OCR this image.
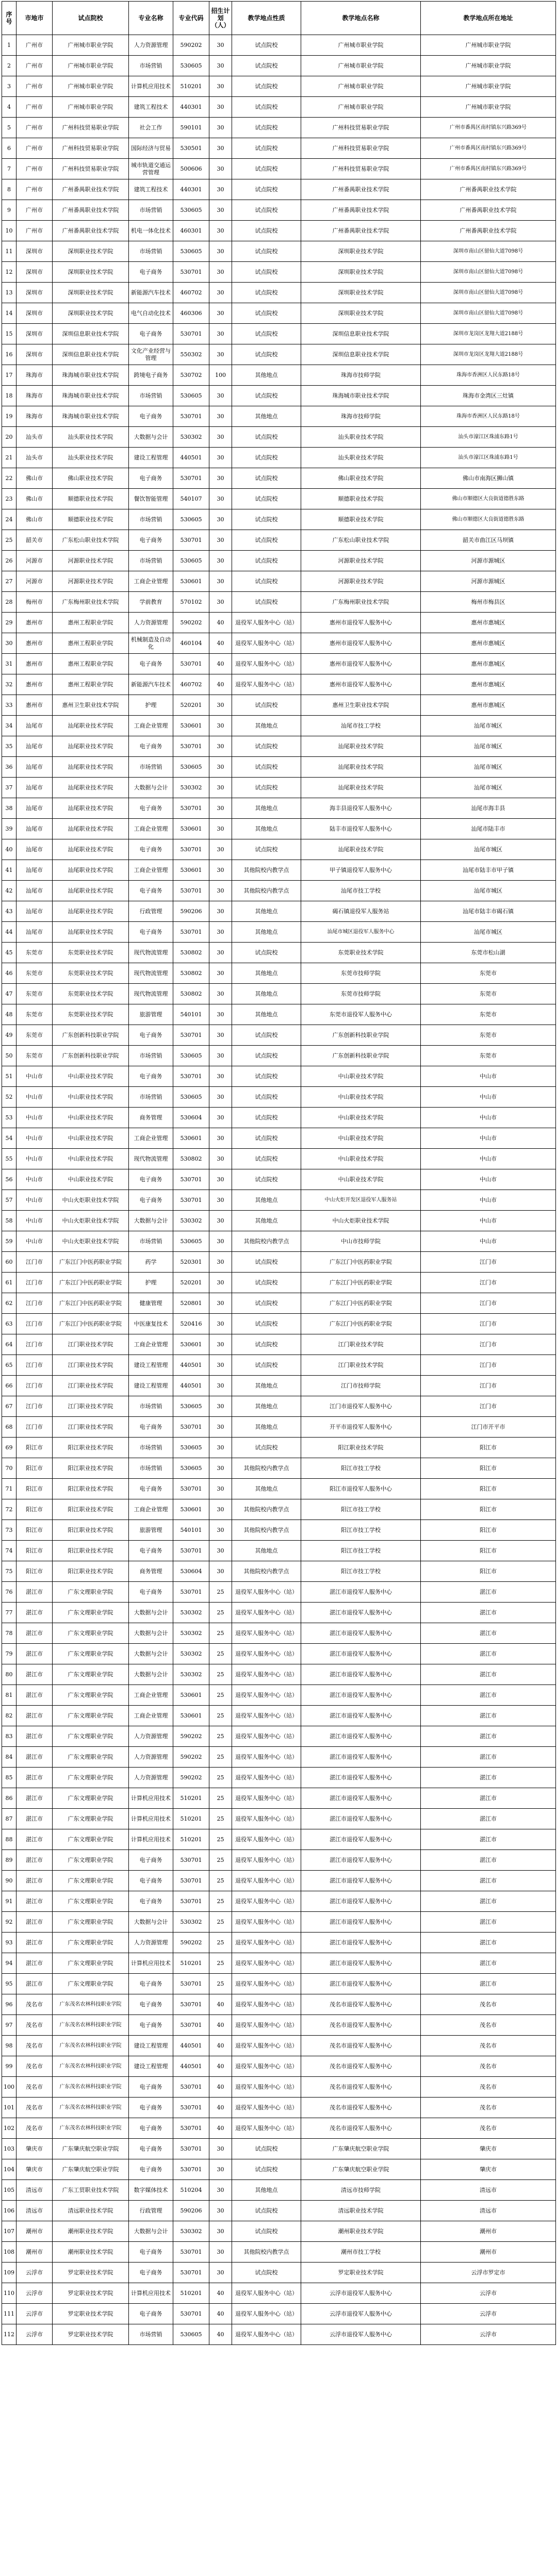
序号	市地市	试点院校	专业名称	专业代码	招生计划（人）	教学地点性质	教学地点名称	教学地点所在地址
1	广州市	广州城市职业学院	人力资源管理	590202	30	试点院校	广州城市职业学院	广州城市职业学院
2	广州市	广州城市职业学院	市场营销	530605	30	试点院校	广州城市职业学院	广州城市职业学院
3	广州市	广州城市职业学院	计算机应用技术	510201	30	试点院校	广州城市职业学院	广州城市职业学院
4	广州市	广州城市职业学院	建筑工程技术	440301	30	试点院校	广州城市职业学院	广州城市职业学院
5	广州市	广州科技贸易职业学院	社会工作	590101	30	试点院校	广州科技贸易职业学院	广州市番禺区南村镇东兴路369号
6	广州市	广州科技贸易职业学院	国际经济与贸易	530501	30	试点院校	广州科技贸易职业学院	广州市番禺区南村镇东兴路369号
7	广州市	广州科技贸易职业学院	城市轨道交通运营管理	500606	30	试点院校	广州科技贸易职业学院	广州市番禺区南村镇东兴路369号
8	广州市	广州番禺职业技术学院	建筑工程技术	440301	30	试点院校	广州番禺职业技术学院	广州番禺职业技术学院
9	广州市	广州番禺职业技术学院	市场营销	530605	30	试点院校	广州番禺职业技术学院	广州番禺职业技术学院
10	广州市	广州番禺职业技术学院	机电一体化技术	460301	30	试点院校	广州番禺职业技术学院	广州番禺职业技术学院
11	深圳市	深圳职业技术学院	市场营销	530605	30	试点院校	深圳职业技术学院	深圳市南山区留仙大道7098号
12	深圳市	深圳职业技术学院	电子商务	530701	30	试点院校	深圳职业技术学院	深圳市南山区留仙大道7098号
13	深圳市	深圳职业技术学院	新能源汽车技术	460702	30	试点院校	深圳职业技术学院	深圳市南山区留仙大道7098号
14	深圳市	深圳职业技术学院	电气自动化技术	460306	30	试点院校	深圳职业技术学院	深圳市南山区留仙大道7098号
15	深圳市	深圳信息职业技术学院	电子商务	530701	30	试点院校	深圳信息职业技术学院	深圳市龙岗区龙翔大道2188号
16	深圳市	深圳信息职业技术学院	文化产业经营与管理	550302	30	试点院校	深圳信息职业技术学院	深圳市龙岗区龙翔大道2188号
17	珠海市	珠海城市职业技术学院	跨境电子商务	530702	100	其他地点	珠海市技师学院	珠海市香洲区人民东路18号
18	珠海市	珠海城市职业技术学院	市场营销	530605	30	试点院校	珠海城市职业技术学院	珠海市金湾区三灶镇
19	珠海市	珠海城市职业技术学院	电子商务	530701	30	其他地点	珠海市技师学院	珠海市香洲区人民东路18号
20	汕头市	汕头职业技术学院	大数据与会计	530302	30	试点院校	汕头职业技术学院	汕头市濠江区珠浦东路1号
21	汕头市	汕头职业技术学院	建设工程管理	440501	30	试点院校	汕头职业技术学院	汕头市濠江区珠浦东路1号
22	佛山市	佛山职业技术学院	电子商务	530701	30	试点院校	佛山职业技术学院	佛山市南海区狮山镇
23	佛山市	顺德职业技术学院	餐饮智能管理	540107	30	试点院校	顺德职业技术学院	佛山市顺德区大良街道德胜东路
24	佛山市	顺德职业技术学院	市场营销	530605	30	试点院校	顺德职业技术学院	佛山市顺德区大良街道德胜东路
25	韶关市	广东松山职业技术学院	电子商务	530701	30	试点院校	广东松山职业技术学院	韶关市曲江区马坝镇
26	河源市	河源职业技术学院	市场营销	530605	30	试点院校	河源职业技术学院	河源市源城区
27	河源市	河源职业技术学院	工商企业管理	530601	30	试点院校	河源职业技术学院	河源市源城区
28	梅州市	广东梅州职业技术学院	学前教育	570102	30	试点院校	广东梅州职业技术学院	梅州市梅县区
29	惠州市	惠州工程职业学院	人力资源管理	590202	40	退役军人服务中心（站）	惠州市退役军人服务中心	惠州市惠城区
30	惠州市	惠州工程职业学院	机械制造及自动化	460104	40	退役军人服务中心（站）	惠州市退役军人服务中心	惠州市惠城区
31	惠州市	惠州工程职业学院	电子商务	530701	40	退役军人服务中心（站）	惠州市退役军人服务中心	惠州市惠城区
32	惠州市	惠州工程职业学院	新能源汽车技术	460702	40	退役军人服务中心（站）	惠州市退役军人服务中心	惠州市惠城区
33	惠州市	惠州卫生职业技术学院	护理	520201	30	试点院校	惠州卫生职业技术学院	惠州市惠城区
34	汕尾市	汕尾职业技术学院	工商企业管理	530601	30	其他地点	汕尾市技工学校	汕尾市城区
35	汕尾市	汕尾职业技术学院	电子商务	530701	30	试点院校	汕尾职业技术学院	汕尾市城区
36	汕尾市	汕尾职业技术学院	市场营销	530605	30	试点院校	汕尾职业技术学院	汕尾市城区
37	汕尾市	汕尾职业技术学院	大数据与会计	530302	30	试点院校	汕尾职业技术学院	汕尾市城区
38	汕尾市	汕尾职业技术学院	电子商务	530701	30	其他地点	海丰县退役军人服务中心	汕尾市海丰县
39	汕尾市	汕尾职业技术学院	工商企业管理	530601	30	其他地点	陆丰市退役军人服务中心	汕尾市陆丰市
40	汕尾市	汕尾职业技术学院	电子商务	530701	30	试点院校	汕尾职业技术学院	汕尾市城区
41	汕尾市	汕尾职业技术学院	工商企业管理	530601	30	其他院校内教学点	甲子镇退役军人服务中心	汕尾市陆丰市甲子镇
42	汕尾市	汕尾职业技术学院	电子商务	530701	30	其他院校内教学点	汕尾市技工学校	汕尾市城区
43	汕尾市	汕尾职业技术学院	行政管理	590206	30	其他地点	碣石镇退役军人服务站	汕尾市陆丰市碣石镇
44	汕尾市	汕尾职业技术学院	电子商务	530701	30	其他地点	汕尾市城区退役军人服务中心	汕尾市城区
45	东莞市	东莞职业技术学院	现代物流管理	530802	30	试点院校	东莞职业技术学院	东莞市松山湖
46	东莞市	东莞职业技术学院	现代物流管理	530802	30	其他地点	东莞市技师学院	东莞市
47	东莞市	东莞职业技术学院	现代物流管理	530802	30	其他地点	东莞市技师学院	东莞市
48	东莞市	东莞职业技术学院	旅游管理	540101	30	其他地点	东莞市退役军人服务中心	东莞市
49	东莞市	广东创新科技职业学院	电子商务	530701	30	试点院校	广东创新科技职业学院	东莞市
50	东莞市	广东创新科技职业学院	市场营销	530605	30	试点院校	广东创新科技职业学院	东莞市
51	中山市	中山职业技术学院	电子商务	530701	30	试点院校	中山职业技术学院	中山市
52	中山市	中山职业技术学院	市场营销	530605	30	试点院校	中山职业技术学院	中山市
53	中山市	中山职业技术学院	商务管理	530604	30	试点院校	中山职业技术学院	中山市
54	中山市	中山职业技术学院	工商企业管理	530601	30	试点院校	中山职业技术学院	中山市
55	中山市	中山职业技术学院	现代物流管理	530802	30	试点院校	中山职业技术学院	中山市
56	中山市	中山职业技术学院	电子商务	530701	30	试点院校	中山职业技术学院	中山市
57	中山市	中山火炬职业技术学院	电子商务	530701	30	其他地点	中山火炬开发区退役军人服务站	中山市
58	中山市	中山火炬职业技术学院	大数据与会计	530302	30	其他地点	中山火炬职业技术学院	中山市
59	中山市	中山火炬职业技术学院	市场营销	530605	30	其他院校内教学点	中山市技师学院	中山市
60	江门市	广东江门中医药职业学院	药学	520301	30	试点院校	广东江门中医药职业学院	江门市
61	江门市	广东江门中医药职业学院	护理	520201	30	试点院校	广东江门中医药职业学院	江门市
62	江门市	广东江门中医药职业学院	健康管理	520801	30	试点院校	广东江门中医药职业学院	江门市
63	江门市	广东江门中医药职业学院	中医康复技术	520416	30	试点院校	广东江门中医药职业学院	江门市
64	江门市	江门职业技术学院	工商企业管理	530601	30	试点院校	江门职业技术学院	江门市
65	江门市	江门职业技术学院	建设工程管理	440501	30	试点院校	江门职业技术学院	江门市
66	江门市	江门职业技术学院	建设工程管理	440501	30	其他地点	江门市技师学院	江门市
67	江门市	江门职业技术学院	市场营销	530605	30	其他地点	江门市退役军人服务中心	江门市
68	江门市	江门职业技术学院	电子商务	530701	30	其他地点	开平市退役军人服务中心	江门市开平市
69	阳江市	阳江职业技术学院	市场营销	530605	30	试点院校	阳江职业技术学院	阳江市
70	阳江市	阳江职业技术学院	市场营销	530605	30	其他院校内教学点	阳江市技工学校	阳江市
71	阳江市	阳江职业技术学院	电子商务	530701	30	其他地点	阳江市退役军人服务中心	阳江市
72	阳江市	阳江职业技术学院	工商企业管理	530601	30	其他院校内教学点	阳江市技工学校	阳江市
73	阳江市	阳江职业技术学院	旅游管理	540101	30	其他院校内教学点	阳江市技工学校	阳江市
74	阳江市	阳江职业技术学院	电子商务	530701	30	其他地点	阳江市技工学校	阳江市
75	阳江市	阳江职业技术学院	商务管理	530604	30	其他院校内教学点	阳江市技工学校	阳江市
76	湛江市	广东文理职业学院	电子商务	530701	25	退役军人服务中心（站）	湛江市退役军人服务中心	湛江市
77	湛江市	广东文理职业学院	大数据与会计	530302	25	退役军人服务中心（站）	湛江市退役军人服务中心	湛江市
78	湛江市	广东文理职业学院	大数据与会计	530302	25	退役军人服务中心（站）	湛江市退役军人服务中心	湛江市
79	湛江市	广东文理职业学院	大数据与会计	530302	25	退役军人服务中心（站）	湛江市退役军人服务中心	湛江市
80	湛江市	广东文理职业学院	大数据与会计	530302	25	退役军人服务中心（站）	湛江市退役军人服务中心	湛江市
81	湛江市	广东文理职业学院	工商企业管理	530601	25	退役军人服务中心（站）	湛江市退役军人服务中心	湛江市
82	湛江市	广东文理职业学院	工商企业管理	530601	25	退役军人服务中心（站）	湛江市退役军人服务中心	湛江市
83	湛江市	广东文理职业学院	人力资源管理	590202	25	退役军人服务中心（站）	湛江市退役军人服务中心	湛江市
84	湛江市	广东文理职业学院	人力资源管理	590202	25	退役军人服务中心（站）	湛江市退役军人服务中心	湛江市
85	湛江市	广东文理职业学院	人力资源管理	590202	25	退役军人服务中心（站）	湛江市退役军人服务中心	湛江市
86	湛江市	广东文理职业学院	计算机应用技术	510201	25	退役军人服务中心（站）	湛江市退役军人服务中心	湛江市
87	湛江市	广东文理职业学院	计算机应用技术	510201	25	退役军人服务中心（站）	湛江市退役军人服务中心	湛江市
88	湛江市	广东文理职业学院	计算机应用技术	510201	25	退役军人服务中心（站）	湛江市退役军人服务中心	湛江市
89	湛江市	广东文理职业学院	电子商务	530701	25	退役军人服务中心（站）	湛江市退役军人服务中心	湛江市
90	湛江市	广东文理职业学院	电子商务	530701	25	退役军人服务中心（站）	湛江市退役军人服务中心	湛江市
91	湛江市	广东文理职业学院	电子商务	530701	25	退役军人服务中心（站）	湛江市退役军人服务中心	湛江市
92	湛江市	广东文理职业学院	大数据与会计	530302	25	退役军人服务中心（站）	湛江市退役军人服务中心	湛江市
93	湛江市	广东文理职业学院	人力资源管理	590202	25	退役军人服务中心（站）	湛江市退役军人服务中心	湛江市
94	湛江市	广东文理职业学院	计算机应用技术	510201	25	退役军人服务中心（站）	湛江市退役军人服务中心	湛江市
95	湛江市	广东文理职业学院	电子商务	530701	25	退役军人服务中心（站）	湛江市退役军人服务中心	湛江市
96	茂名市	广东茂名农林科技职业学院	电子商务	530701	40	退役军人服务中心（站）	茂名市退役军人服务中心	茂名市
97	茂名市	广东茂名农林科技职业学院	电子商务	530701	40	退役军人服务中心（站）	茂名市退役军人服务中心	茂名市
98	茂名市	广东茂名农林科技职业学院	建设工程管理	440501	40	退役军人服务中心（站）	茂名市退役军人服务中心	茂名市
99	茂名市	广东茂名农林科技职业学院	建设工程管理	440501	40	退役军人服务中心（站）	茂名市退役军人服务中心	茂名市
100	茂名市	广东茂名农林科技职业学院	电子商务	530701	40	退役军人服务中心（站）	茂名市退役军人服务中心	茂名市
101	茂名市	广东茂名农林科技职业学院	电子商务	530701	40	退役军人服务中心（站）	茂名市退役军人服务中心	茂名市
102	茂名市	广东茂名农林科技职业学院	电子商务	530701	40	退役军人服务中心（站）	茂名市退役军人服务中心	茂名市
103	肇庆市	广东肇庆航空职业学院	电子商务	530701	30	试点院校	广东肇庆航空职业学院	肇庆市
104	肇庆市	广东肇庆航空职业学院	电子商务	530701	30	试点院校	广东肇庆航空职业学院	肇庆市
105	清远市	广东工贸职业技术学院	数字媒体技术	510204	30	其他地点	清远市技师学院	清远市
106	清远市	清远职业技术学院	行政管理	590206	30	试点院校	清远职业技术学院	清远市
107	潮州市	潮州职业技术学院	大数据与会计	530302	30	试点院校	潮州职业技术学院	潮州市
108	潮州市	潮州职业技术学院	电子商务	530701	30	其他院校内教学点	潮州市技工学校	潮州市
109	云浮市	罗定职业技术学院	电子商务	530701	30	试点院校	罗定职业技术学院	云浮市罗定市
110	云浮市	罗定职业技术学院	计算机应用技术	510201	40	退役军人服务中心（站）	云浮市退役军人服务中心	云浮市
111	云浮市	罗定职业技术学院	电子商务	530701	40	退役军人服务中心（站）	云浮市退役军人服务中心	云浮市
112	云浮市	罗定职业技术学院	市场营销	530605	40	退役军人服务中心（站）	云浮市退役军人服务中心	云浮市
